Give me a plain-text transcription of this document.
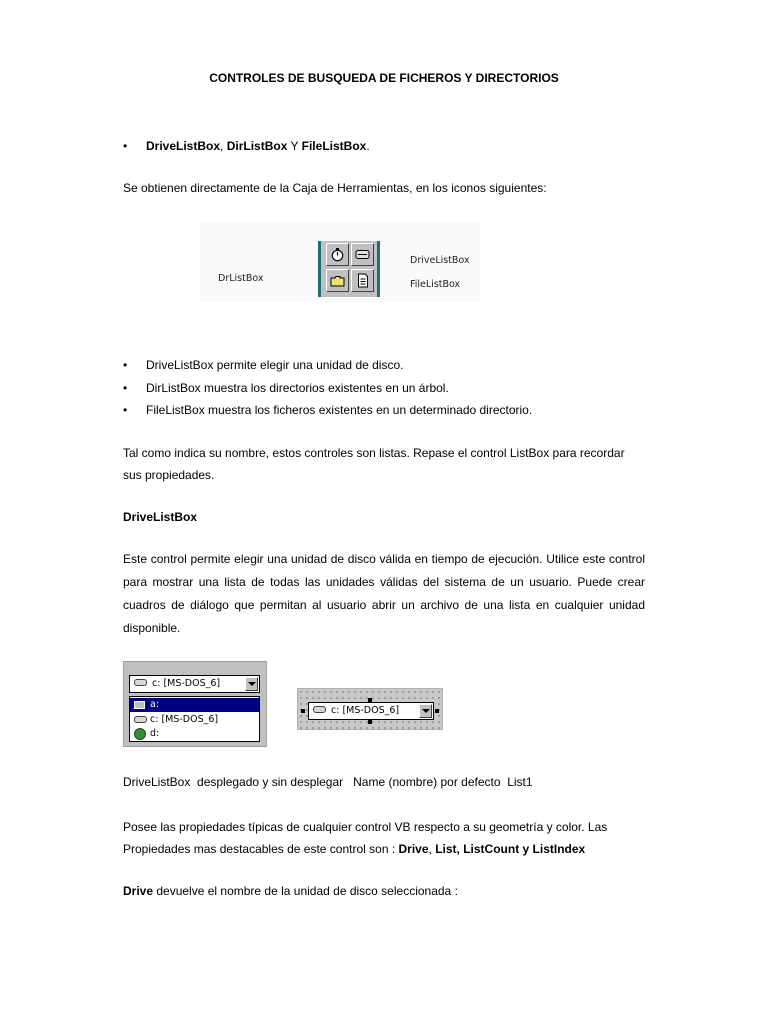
CONTROLES DE BUSQUEDA DE FICHEROS Y DIRECTORIOS
• DriveListBox, DirListBox Y FileListBox.
Se obtienen directamente de la Caja de Herramientas, en los iconos siguientes:
DrListBox
DriveListBox
FileListBox
• DriveListBox permite elegir una unidad de disco.
• DirListBox muestra los directorios existentes en un árbol.
• FileListBox muestra los ficheros existentes en un determinado directorio.
Tal como indica su nombre, estos controles son listas. Repase el control ListBox para recordar
sus propiedades.
DriveListBox
Este control permite elegir una unidad de disco válida en tiempo de ejecución. Utilice este control para mostrar una lista de todas las unidades válidas del sistema de un usuario. Puede crear cuadros de diálogo que permitan al usuario abrir un archivo de una lista en cualquier unidad disponible.
c: [MS-DOS_6]
a:
c: [MS-DOS_6]
d:
c: [MS-DOS_6]
DriveListBox  desplegado y sin desplegar   Name (nombre) por defecto  List1
Posee las propiedades típicas de cualquier control VB respecto a su geometría y color. Las
Propiedades mas destacables de este control son : Drive, List, ListCount y ListIndex
Drive devuelve el nombre de la unidad de disco seleccionada :
